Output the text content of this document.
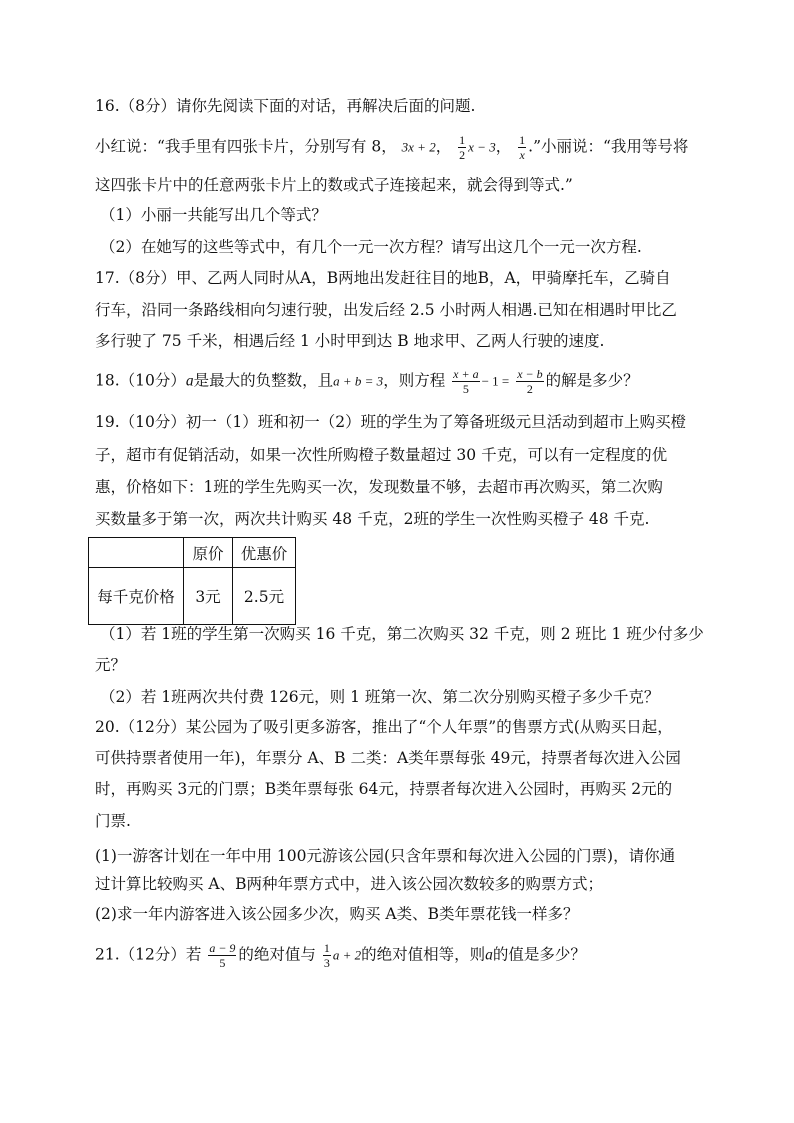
16.（8分）请你先阅读下面的对话，再解决后面的问题.
小红说：“我手里有四张卡片，分别写有 8， 3x + 2， $\frac{1}{2}$ x − 3， $\frac{1}{x}$ .”小丽说：“我用等号将
这四张卡片中的任意两张卡片上的数或式子连接起来，就会得到等式.”
（1）小丽一共能写出几个等式？
（2）在她写的这些等式中，有几个一元一次方程？请写出这几个一元一次方程.
17.（8分）甲、乙两人同时从A，B两地出发赶往目的地B，A，甲骑摩托车，乙骑自
行车，沿同一条路线相向匀速行驶，出发后经 2.5 小时两人相遇.已知在相遇时甲比乙
多行驶了 75 千米，相遇后经 1 小时甲到达 B 地求甲、乙两人行驶的速度.
18.（10分）a是最大的负整数，且a + b = 3，则方程 $\frac{x + a}{5} - 1 = \frac{x - b}{2}$ 的解是多少？
19.（10分）初一（1）班和初一（2）班的学生为了筹备班级元旦活动到超市上购买橙
子，超市有促销活动，如果一次性所购橙子数量超过 30 千克，可以有一定程度的优
惠，价格如下：1班的学生先购买一次，发现数量不够，去超市再次购买，第二次购
买数量多于第一次，两次共计购买 48 千克，2班的学生一次性购买橙子 48 千克.
	原价	优惠价
每千克价格	3元	2.5元
（1）若 1班的学生第一次购买 16 千克，第二次购买 32 千克，则 2 班比 1 班少付多少
元？
（2）若 1班两次共付费 126元，则 1 班第一次、第二次分别购买橙子多少千克？
20.（12分）某公园为了吸引更多游客，推出了“个人年票”的售票方式(从购买日起，
可供持票者使用一年)，年票分 A、B 二类：A类年票每张 49元，持票者每次进入公园
时，再购买 3元的门票；B类年票每张 64元，持票者每次进入公园时，再购买 2元的
门票.
(1)一游客计划在一年中用 100元游该公园(只含年票和每次进入公园的门票)，请你通
过计算比较购买 A、B两种年票方式中，进入该公园次数较多的购票方式；
(2)求一年内游客进入该公园多少次，购买 A类、B类年票花钱一样多？
21.（12分）若 $\frac{a - 9}{5}$ 的绝对值与 $\frac{1}{3}$ a + 2的绝对值相等，则a的值是多少？
